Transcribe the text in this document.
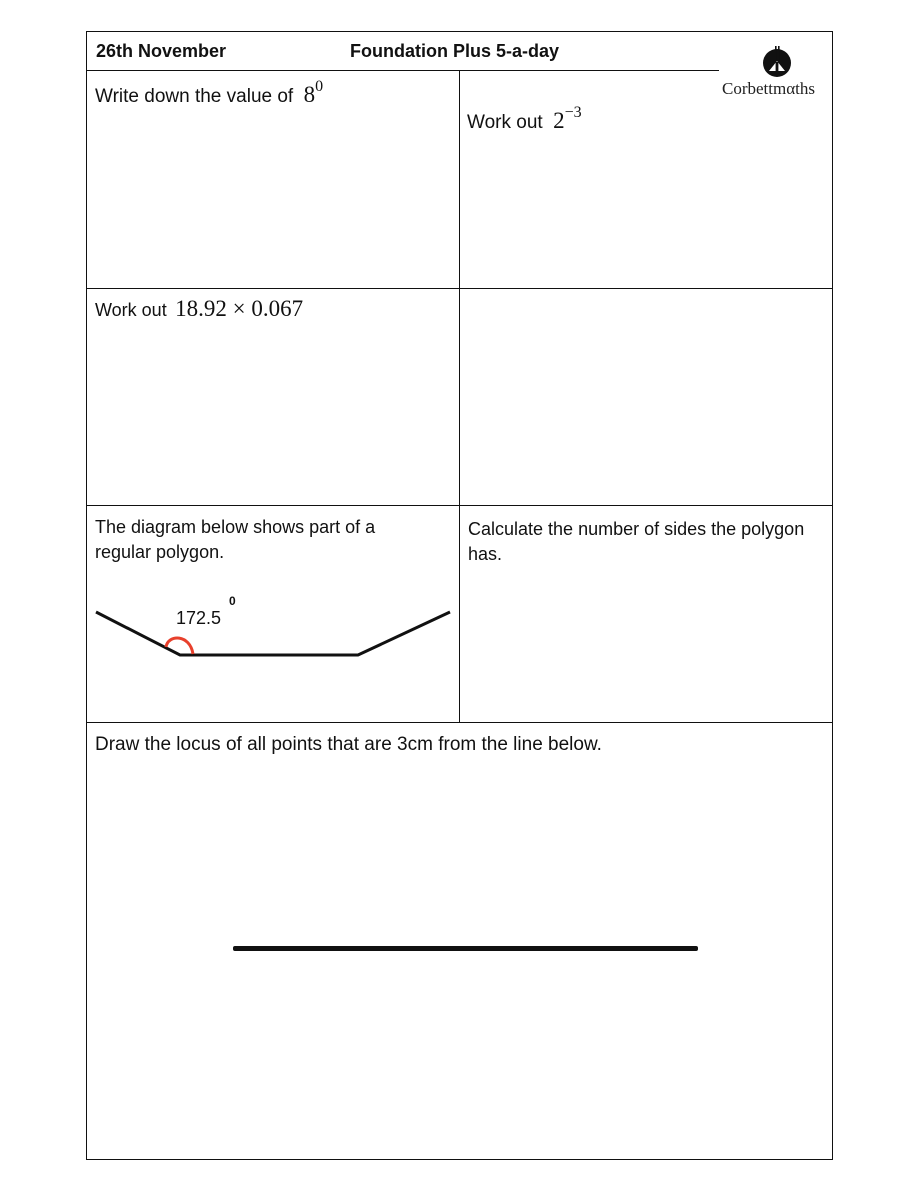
26th November	Foundation Plus 5-a-day
Corbettmαths
Write down the value of 80
Work out 2−3
Work out 18.92 × 0.067
The diagram below shows part of a regular polygon.
172.5
0
Calculate the number of sides the polygon has.
Draw the locus of all points that are 3cm from the line below.
